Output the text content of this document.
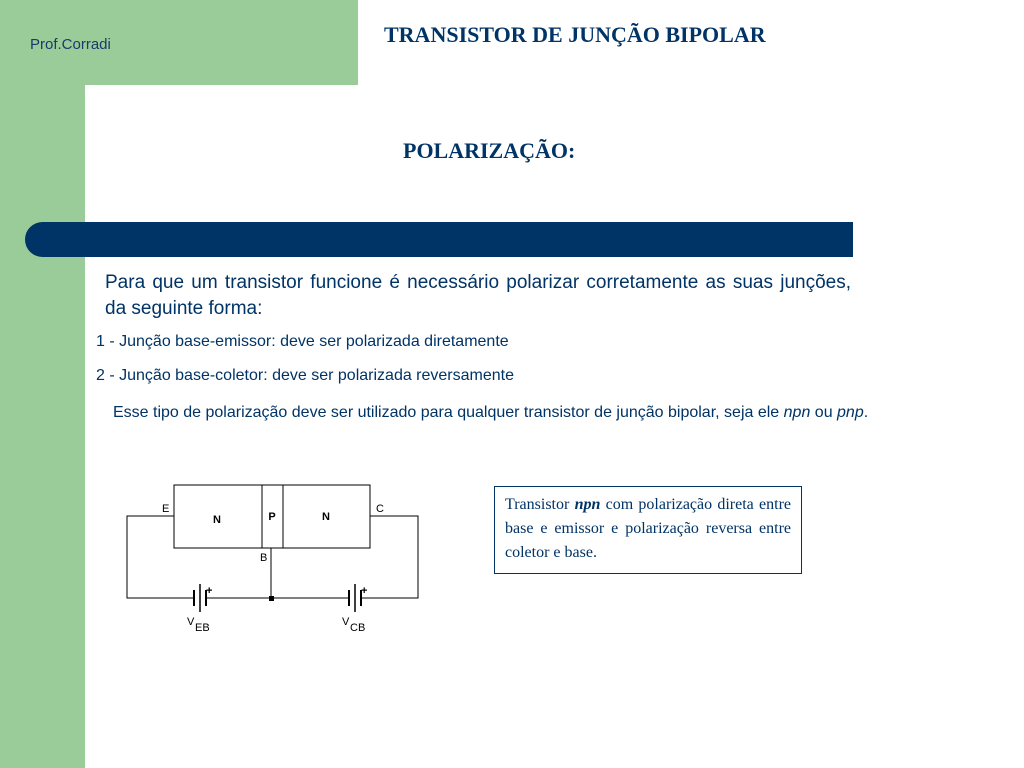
Prof.Corradi	TRANSISTOR DE JUNÇÃO BIPOLAR
POLARIZAÇÃO:
Para que um transistor funcione é necessário polarizar corretamente as suas junções, da seguinte forma:
1 - Junção base-emissor: deve ser polarizada diretamente
2 - Junção base-coletor: deve ser polarizada reversamente
Esse tipo de polarização deve ser utilizado para qualquer transistor de junção bipolar, seja ele npn ou pnp.
N	P	N
E	C
B
+	+
V EB	V CB
Transistor npn com polarização direta entre base e emissor e polarização reversa entre coletor e base.
